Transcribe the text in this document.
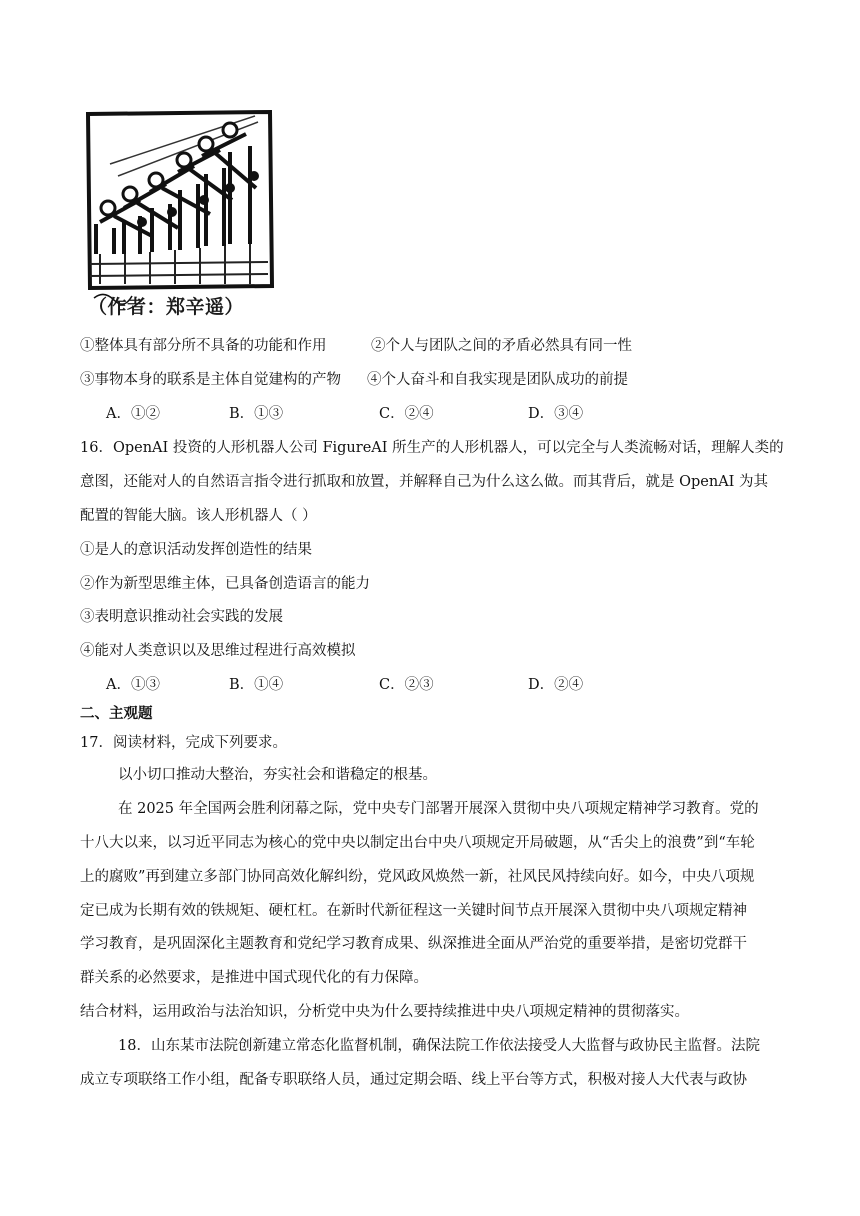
（作者：郑辛遥）
①整体具有部分所不具备的功能和作用	②个人与团队之间的矛盾必然具有同一性
③事物本身的联系是主体自觉建构的产物 ④个人奋斗和自我实现是团队成功的前提
A．①②	B．①③	C．②④	D．③④
16．OpenAI 投资的人形机器人公司 FigureAI 所生产的人形机器人，可以完全与人类流畅对话，理解人类的
意图，还能对人的自然语言指令进行抓取和放置，并解释自己为什么这么做。而其背后，就是 OpenAI 为其
配置的智能大脑。该人形机器人（ ）
①是人的意识活动发挥创造性的结果
②作为新型思维主体，已具备创造语言的能力
③表明意识推动社会实践的发展
④能对人类意识以及思维过程进行高效模拟
A．①③	B．①④	C．②③	D．②④
二、主观题
17．阅读材料，完成下列要求。
以小切口推动大整治，夯实社会和谐稳定的根基。
在 2025 年全国两会胜利闭幕之际，党中央专门部署开展深入贯彻中央八项规定精神学习教育。党的
十八大以来，以习近平同志为核心的党中央以制定出台中央八项规定开局破题，从“舌尖上的浪费”到“车轮
上的腐败”再到建立多部门协同高效化解纠纷，党风政风焕然一新，社风民风持续向好。如今，中央八项规
定已成为长期有效的铁规矩、硬杠杠。在新时代新征程这一关键时间节点开展深入贯彻中央八项规定精神
学习教育，是巩固深化主题教育和党纪学习教育成果、纵深推进全面从严治党的重要举措，是密切党群干
群关系的必然要求，是推进中国式现代化的有力保障。
结合材料，运用政治与法治知识，分析党中央为什么要持续推进中央八项规定精神的贯彻落实。
18．山东某市法院创新建立常态化监督机制，确保法院工作依法接受人大监督与政协民主监督。法院
成立专项联络工作小组，配备专职联络人员，通过定期会晤、线上平台等方式，积极对接人大代表与政协
